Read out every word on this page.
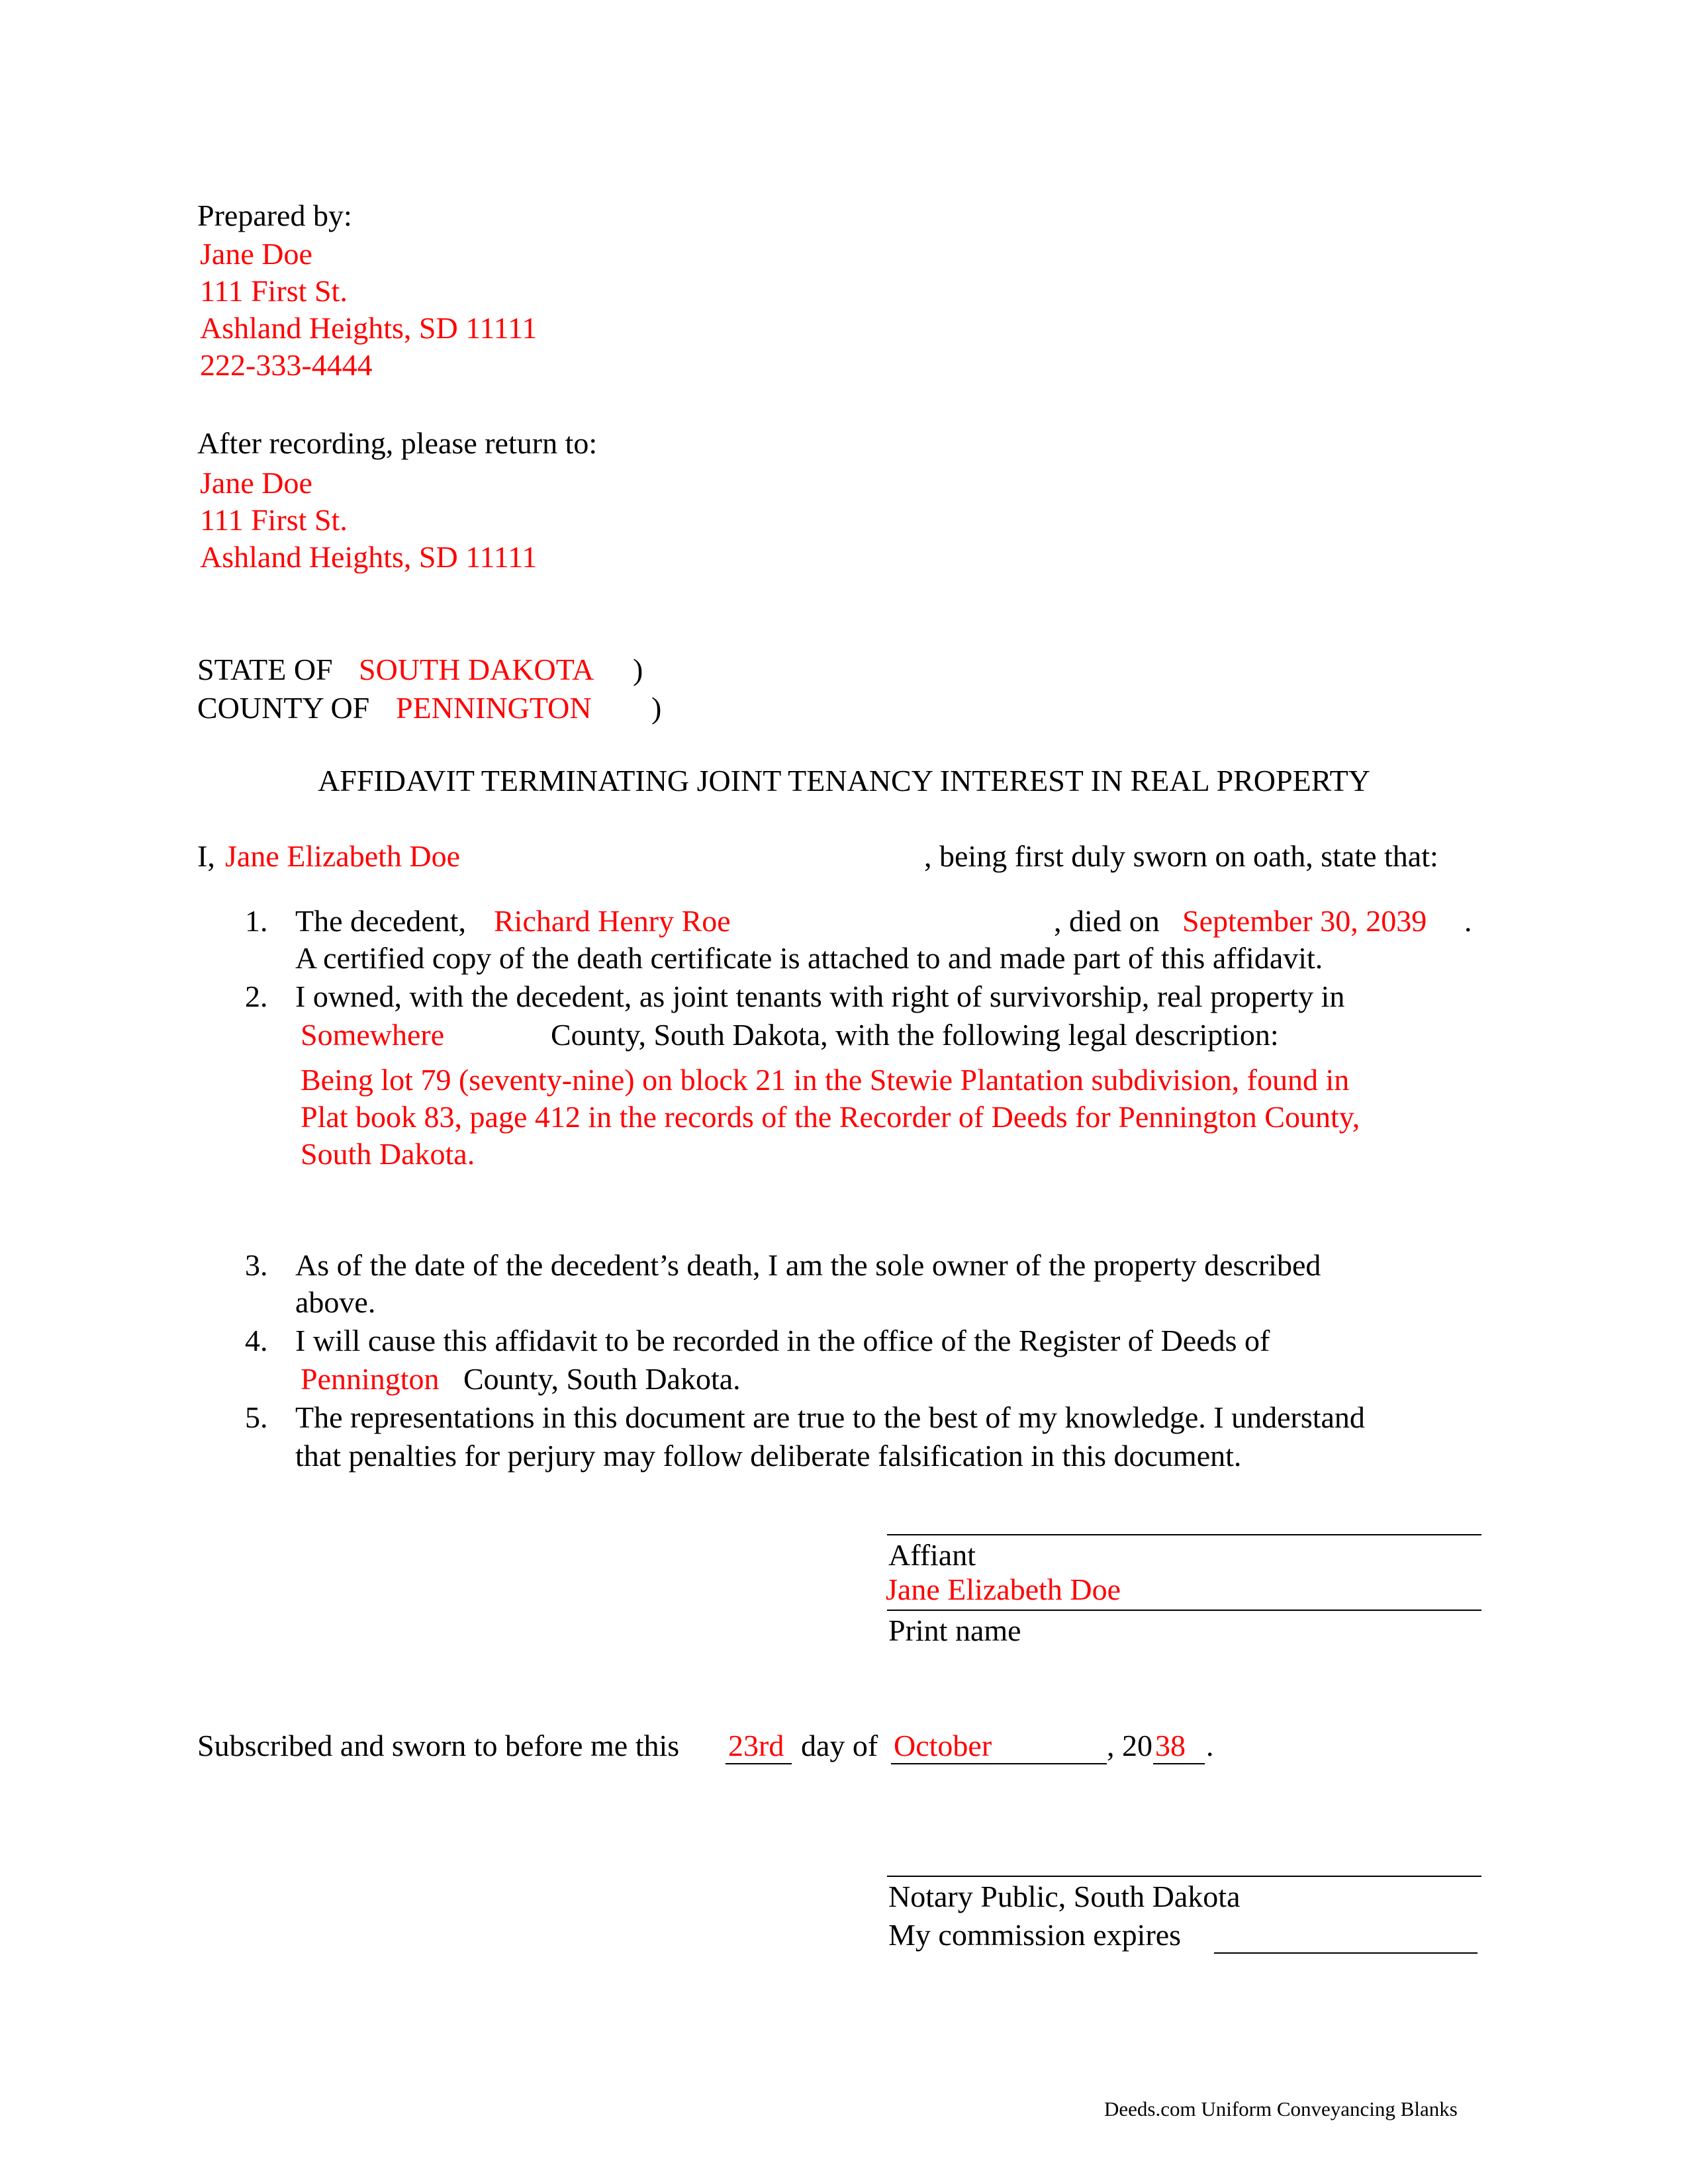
Prepared by:
Jane Doe
111 First St.
Ashland Heights, SD 11111
222-333-4444
After recording, please return to:
Jane Doe
111 First St.
Ashland Heights, SD 11111
STATE OF SOUTH DAKOTA )
COUNTY OF PENNINGTON )
AFFIDAVIT TERMINATING JOINT TENANCY INTEREST IN REAL PROPERTY
I, Jane Elizabeth Doe	, being first duly sworn on oath, state that:
1. The decedent, Richard Henry Roe	, died on September 30, 2039 .
A certified copy of the death certificate is attached to and made part of this affidavit.
2. I owned, with the decedent, as joint tenants with right of survivorship, real property in
Somewhere	County, South Dakota, with the following legal description:
Being lot 79 (seventy-nine) on block 21 in the Stewie Plantation subdivision, found in
Plat book 83, page 412 in the records of the Recorder of Deeds for Pennington County,
South Dakota.
3. As of the date of the decedent’s death, I am the sole owner of the property described
above.
4. I will cause this affidavit to be recorded in the office of the Register of Deeds of
Pennington County, South Dakota.
5. The representations in this document are true to the best of my knowledge. I understand
that penalties for perjury may follow deliberate falsification in this document.
Affiant
Jane Elizabeth Doe
Print name
Subscribed and sworn to before me this 23rd day of October	, 20 38 .
Notary Public, South Dakota
My commission expires
Deeds.com Uniform Conveyancing Blanks
